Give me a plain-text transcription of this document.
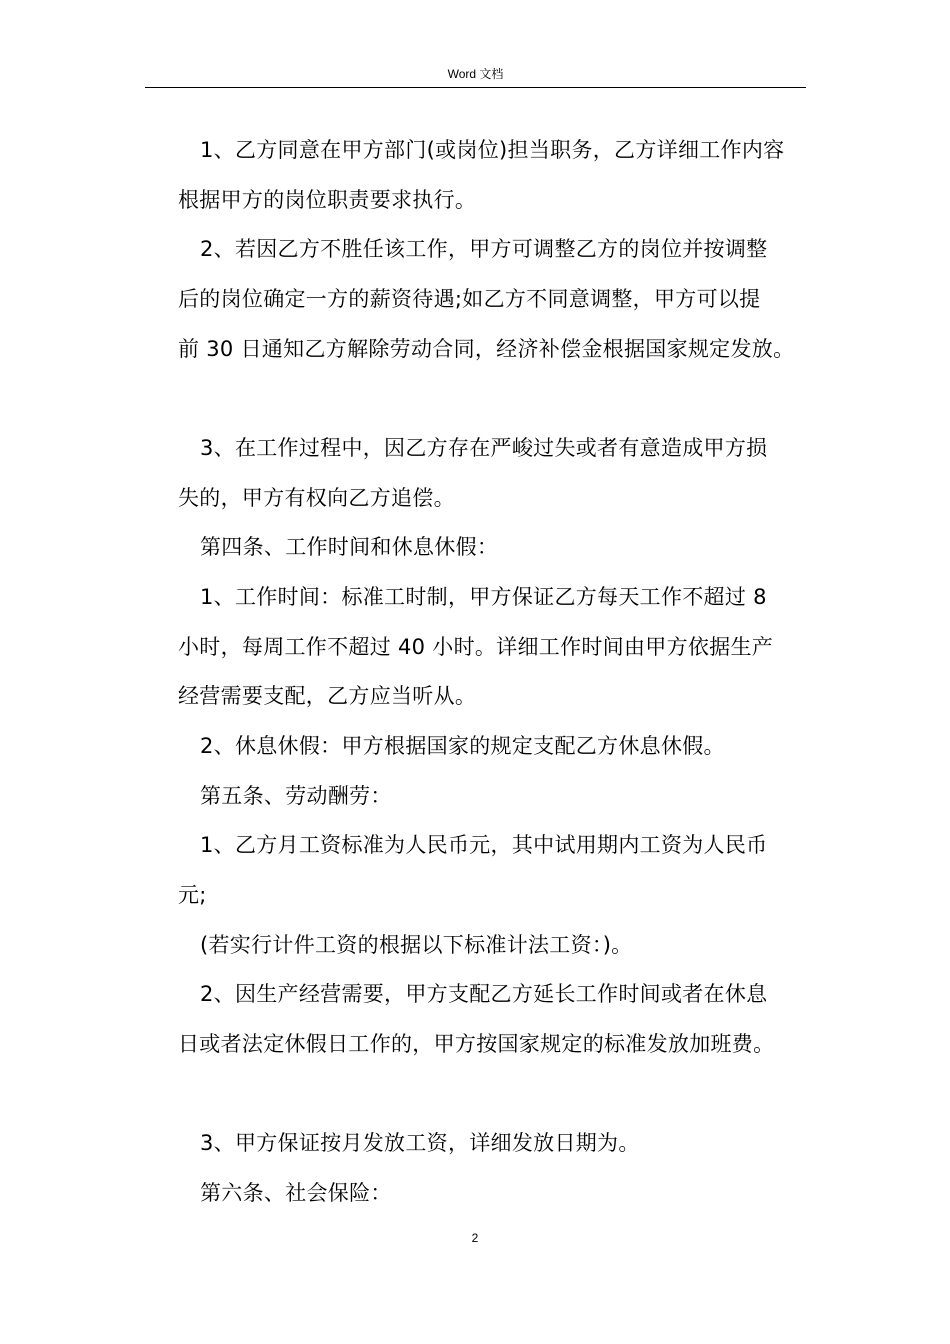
Word 文档
1、乙方同意在甲方部门(或岗位)担当职务，乙方详细工作内容
根据甲方的岗位职责要求执行。
2、若因乙方不胜任该工作，甲方可调整乙方的岗位并按调整
后的岗位确定一方的薪资待遇;如乙方不同意调整，甲方可以提
前 30 日通知乙方解除劳动合同，经济补偿金根据国家规定发放。
3、在工作过程中，因乙方存在严峻过失或者有意造成甲方损
失的，甲方有权向乙方追偿。
第四条、工作时间和休息休假：
1、工作时间：标准工时制，甲方保证乙方每天工作不超过 8
小时，每周工作不超过 40 小时。详细工作时间由甲方依据生产
经营需要支配，乙方应当听从。
2、休息休假：甲方根据国家的规定支配乙方休息休假。
第五条、劳动酬劳：
1、乙方月工资标准为人民币元，其中试用期内工资为人民币
元;
(若实行计件工资的根据以下标准计法工资：)。
2、因生产经营需要，甲方支配乙方延长工作时间或者在休息
日或者法定休假日工作的，甲方按国家规定的标准发放加班费。
3、甲方保证按月发放工资，详细发放日期为。
第六条、社会保险：
2
